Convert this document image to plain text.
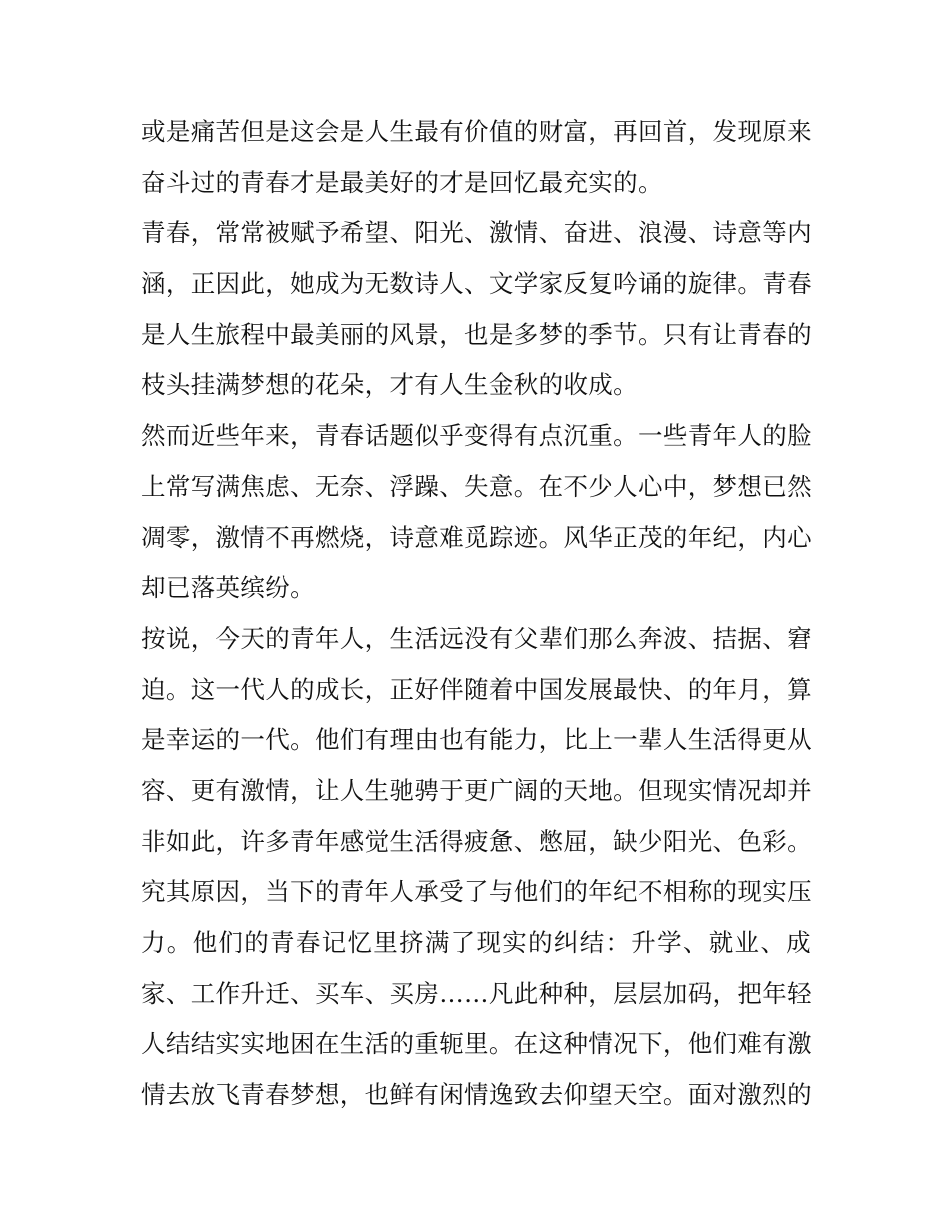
或是痛苦但是这会是人生最有价值的财富，再回首，发现原来
奋斗过的青春才是最美好的才是回忆最充实的。
青春，常常被赋予希望、阳光、激情、奋进、浪漫、诗意等内
涵，正因此，她成为无数诗人、文学家反复吟诵的旋律。青春
是人生旅程中最美丽的风景，也是多梦的季节。只有让青春的
枝头挂满梦想的花朵，才有人生金秋的收成。
然而近些年来，青春话题似乎变得有点沉重。一些青年人的脸
上常写满焦虑、无奈、浮躁、失意。在不少人心中，梦想已然
凋零，激情不再燃烧，诗意难觅踪迹。风华正茂的年纪，内心
却已落英缤纷。
按说，今天的青年人，生活远没有父辈们那么奔波、拮据、窘
迫。这一代人的成长，正好伴随着中国发展最快、的年月，算
是幸运的一代。他们有理由也有能力，比上一辈人生活得更从
容、更有激情，让人生驰骋于更广阔的天地。但现实情况却并
非如此，许多青年感觉生活得疲惫、憋屈，缺少阳光、色彩。
究其原因，当下的青年人承受了与他们的年纪不相称的现实压
力。他们的青春记忆里挤满了现实的纠结：升学、就业、成
家、工作升迁、买车、买房……凡此种种，层层加码，把年轻
人结结实实地困在生活的重轭里。在这种情况下，他们难有激
情去放飞青春梦想，也鲜有闲情逸致去仰望天空。面对激烈的
